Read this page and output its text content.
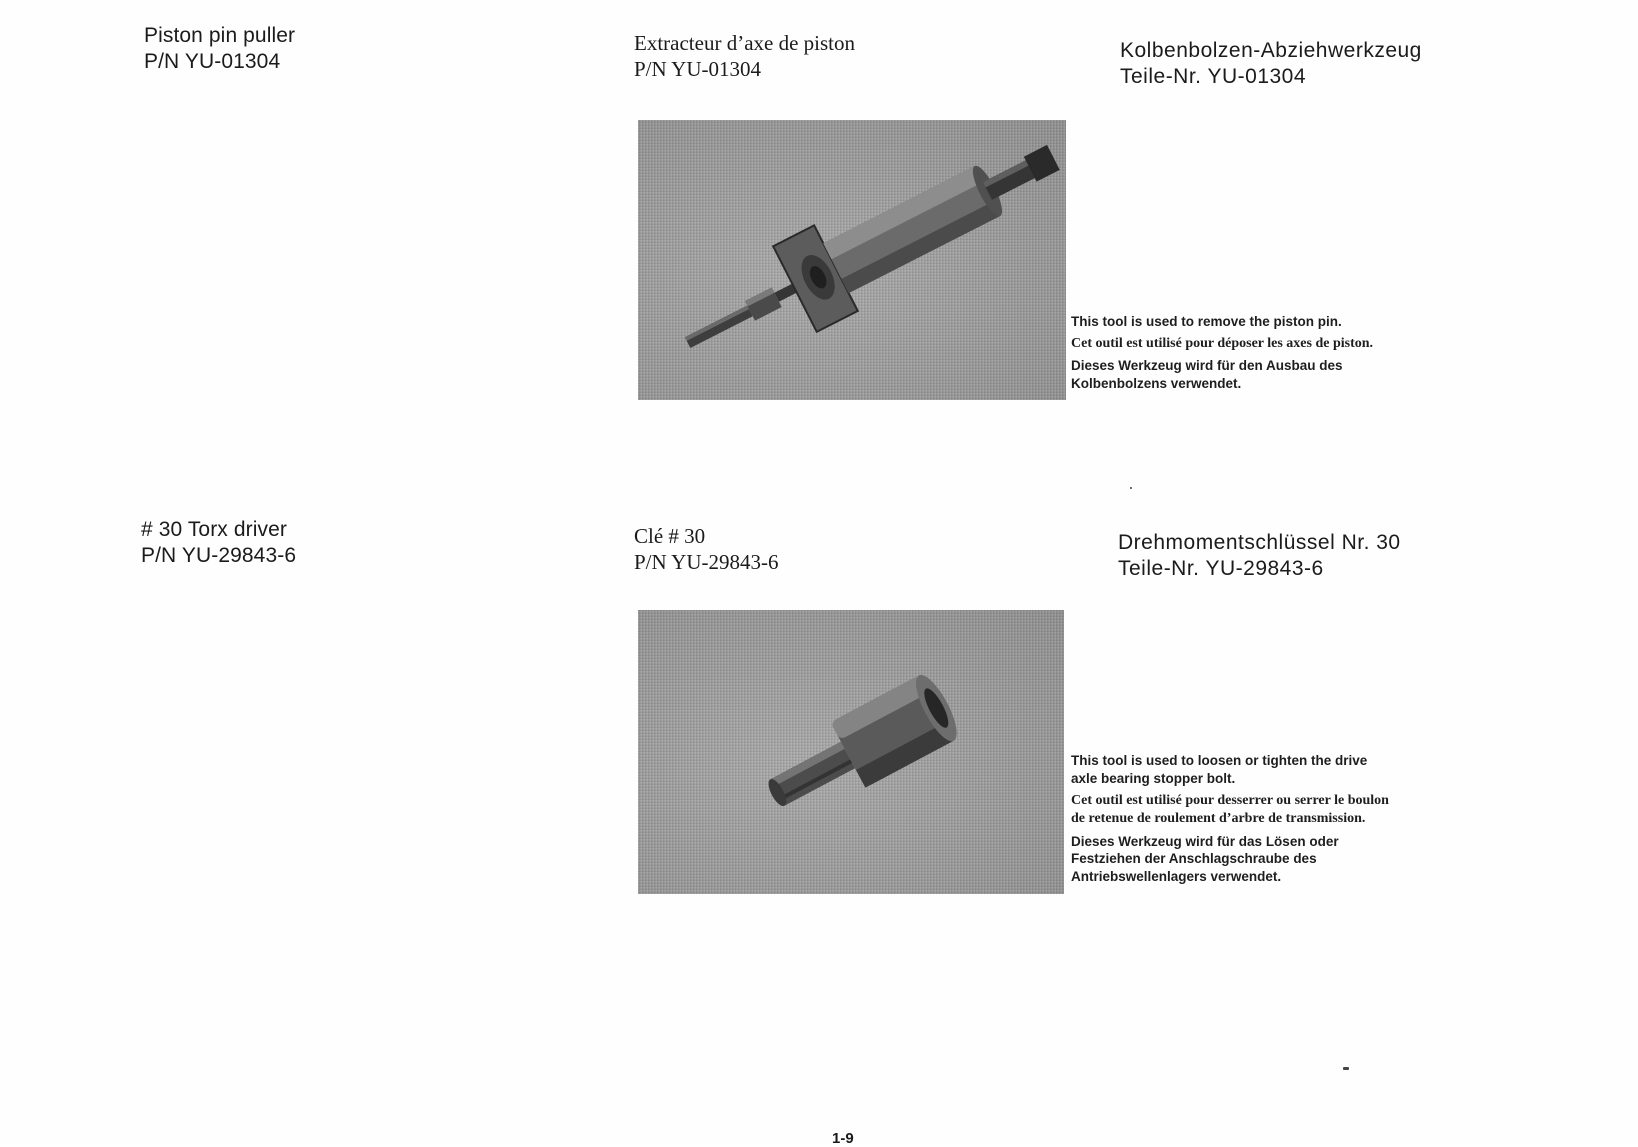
Piston pin puller
P/N YU-01304
Extracteur d’axe de piston
P/N YU-01304
Kolbenbolzen-Abziehwerkzeug
Teile-Nr. YU-01304

This tool is used to remove the piston pin.

Cet outil est utilisé pour déposer les axes de piston.

Dieses Werkzeug wird für den Ausbau des Kolbenbolzens verwendet.

# 30 Torx driver
P/N YU-29843-6
Clé # 30
P/N YU-29843-6
Drehmomentschlüssel Nr. 30
Teile-Nr. YU-29843-6

This tool is used to loosen or tighten the drive axle bearing stopper bolt.

Cet outil est utilisé pour desserrer ou serrer le boulon de retenue de roulement d’arbre de transmission.

Dieses Werkzeug wird für das Lösen oder Festziehen der Anschlagschraube des Antriebswellenlagers verwendet.

1-9
